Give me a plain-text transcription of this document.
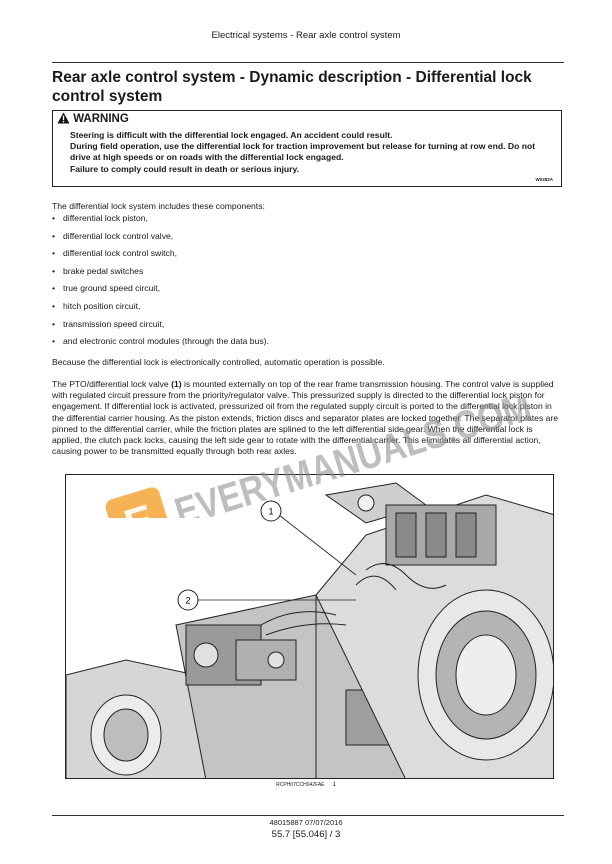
Electrical systems - Rear axle control system
Rear axle control system - Dynamic description - Differential lock control system
WARNING
Steering is difficult with the differential lock engaged. An accident could result.
During field operation, use the differential lock for traction improvement but release for turning at row end. Do not drive at high speeds or on roads with the differential lock engaged.
Failure to comply could result in death or serious injury.
W0282A
The differential lock system includes these components:
• differential lock piston,
• differential lock control valve,
• differential lock control switch,
• brake pedal switches
• true ground speed circuit,
• hitch position circuit,
• transmission speed circuit,
• and electronic control modules (through the data bus).
Because the differential lock is electronically controlled, automatic operation is possible.
The PTO/differential lock valve (1) is mounted externally on top of the rear frame transmission housing. The control valve is supplied with regulated circuit pressure from the priority/regulator valve. This pressurized supply is directed to the differential lock piston for engagement. If differential lock is activated, pressurized oil from the regulated supply circuit is ported to the differential lock piston in the differential carrier housing. As the piston extends, friction discs and separator plates are locked together. The separator plates are pinned to the differential carrier, while the friction plates are splined to the left differential side gear. When the differential lock is applied, the clutch pack locks, causing the left side gear to rotate with the differential carrier. This eliminates all differential action, causing power to be transmitted equally through both rear axles.
1
2
RCPH07CCH042FAE 1
EVERYMANUALS.COM
48015887 07/07/2016
55.7 [55.046] / 3
